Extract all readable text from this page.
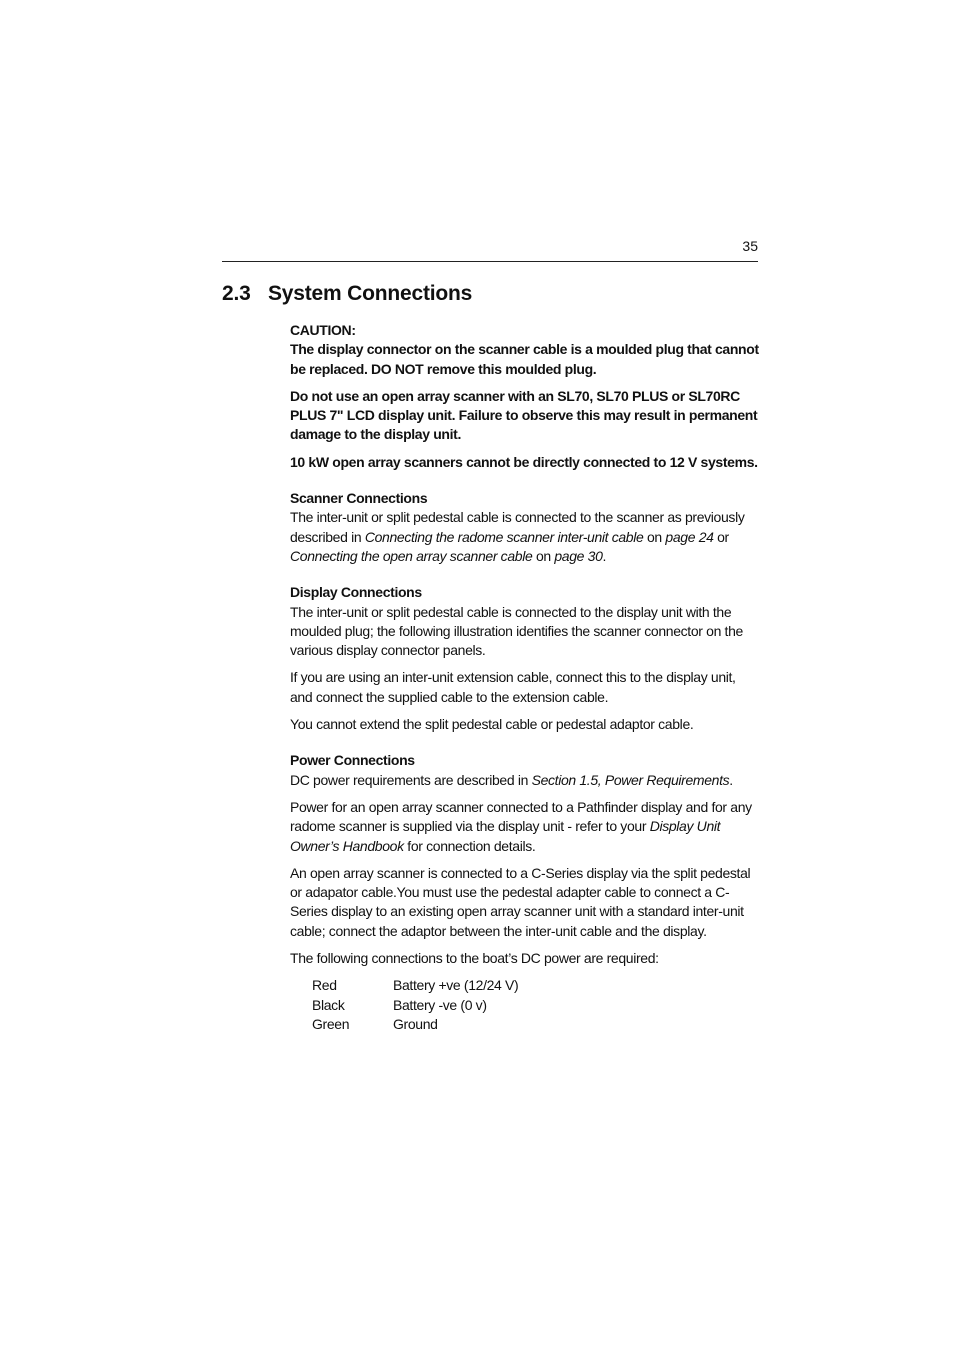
35
2.3 System Connections

CAUTION:

The display connector on the scanner cable is a moulded plug that cannot be replaced. DO NOT remove this moulded plug.

Do not use an open array scanner with an SL70, SL70 PLUS or SL70RC PLUS 7" LCD display unit. Failure to observe this may result in permanent damage to the display unit.

10 kW open array scanners cannot be directly connected to 12 V systems.

Scanner Connections

The inter-unit or split pedestal cable is connected to the scanner as previously described in Connecting the radome scanner inter-unit cable on page 24 or Connecting the open array scanner cable on page 30.

Display Connections

The inter-unit or split pedestal cable is connected to the display unit with the moulded plug; the following illustration identifies the scanner connector on the various display connector panels.

If you are using an inter-unit extension cable, connect this to the display unit, and connect the supplied cable to the extension cable.

You cannot extend the split pedestal cable or pedestal adaptor cable.

Power Connections

DC power requirements are described in Section 1.5, Power Requirements.

Power for an open array scanner connected to a Pathfinder display and for any radome scanner is supplied via the display unit - refer to your Display Unit Owner’s Handbook for connection details.

An open array scanner is connected to a C-Series display via the split pedestal or adapator cable.You must use the pedestal adapter cable to connect a C-Series display to an existing open array scanner unit with a standard inter-unit cable; connect the adaptor between the inter-unit cable and the display.

The following connections to the boat’s DC power are required:

Red	Battery +ve (12/24 V)
Black	Battery -ve (0 v)
Green	Ground
